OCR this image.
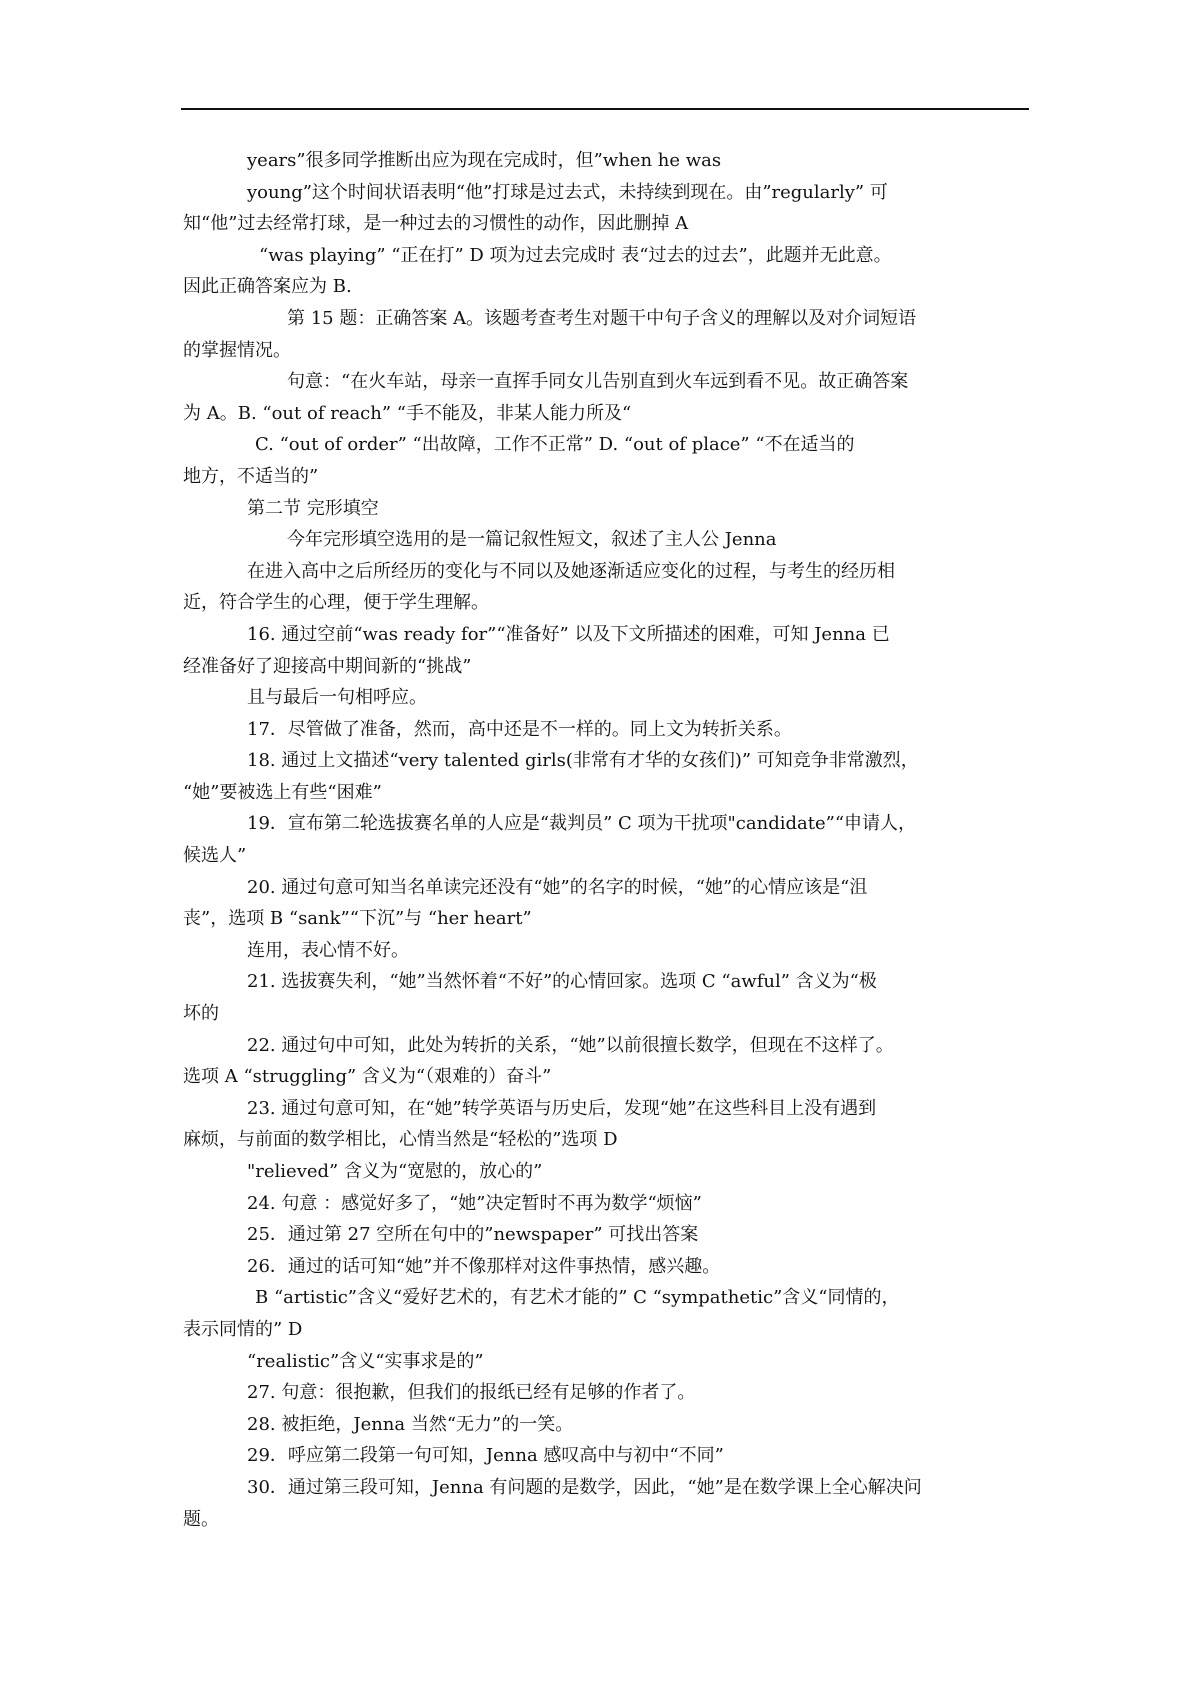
years”很多同学推断出应为现在完成时，但”when he was
young”这个时间状语表明“他”打球是过去式，未持续到现在。由”regularly” 可
知“他”过去经常打球，是一种过去的习惯性的动作，因此删掉 A
“was playing” “正在打” D 项为过去完成时 表“过去的过去”，此题并无此意。
因此正确答案应为 B.
第 15 题：正确答案 A。该题考查考生对题干中句子含义的理解以及对介词短语
的掌握情况。
句意：“在火车站，母亲一直挥手同女儿告别直到火车远到看不见。故正确答案
为 A。B. “out of reach” “手不能及，非某人能力所及“
C. “out of order” “出故障，工作不正常” D. “out of place” “不在适当的
地方，不适当的”
第二节 完形填空
今年完形填空选用的是一篇记叙性短文，叙述了主人公 Jenna
在进入高中之后所经历的变化与不同以及她逐渐适应变化的过程，与考生的经历相
近，符合学生的心理，便于学生理解。
16. 通过空前“was ready for”“准备好” 以及下文所描述的困难，可知 Jenna 已
经准备好了迎接高中期间新的“挑战”
且与最后一句相呼应。
17．尽管做了准备，然而，高中还是不一样的。同上文为转折关系。
18. 通过上文描述“very talented girls(非常有才华的女孩们)” 可知竞争非常激烈，
“她”要被选上有些“困难”
19．宣布第二轮选拔赛名单的人应是“裁判员” C 项为干扰项"candidate”“申请人，
候选人”
20. 通过句意可知当名单读完还没有“她”的名字的时候，“她”的心情应该是“沮
丧”，选项 B “sank”“下沉”与 “her heart”
连用，表心情不好。
21. 选拔赛失利，“她”当然怀着“不好”的心情回家。选项 C “awful” 含义为“极
坏的
22. 通过句中可知，此处为转折的关系，“她”以前很擅长数学，但现在不这样了。
选项 A “struggling” 含义为“（艰难的）奋斗”
23. 通过句意可知，在“她”转学英语与历史后，发现“她”在这些科目上没有遇到
麻烦，与前面的数学相比，心情当然是“轻松的”选项 D
"relieved” 含义为“宽慰的，放心的”
24. 句意 ：感觉好多了，“她”决定暂时不再为数学“烦恼”
25．通过第 27 空所在句中的”newspaper” 可找出答案
26．通过的话可知“她”并不像那样对这件事热情，感兴趣。
B “artistic”含义“爱好艺术的，有艺术才能的” C “sympathetic”含义“同情的，
表示同情的” D
“realistic”含义“实事求是的”
27. 句意：很抱歉，但我们的报纸已经有足够的作者了。
28. 被拒绝，Jenna 当然“无力”的一笑。
29．呼应第二段第一句可知，Jenna 感叹高中与初中“不同”
30．通过第三段可知，Jenna 有问题的是数学，因此，“她”是在数学课上全心解决问
题。
